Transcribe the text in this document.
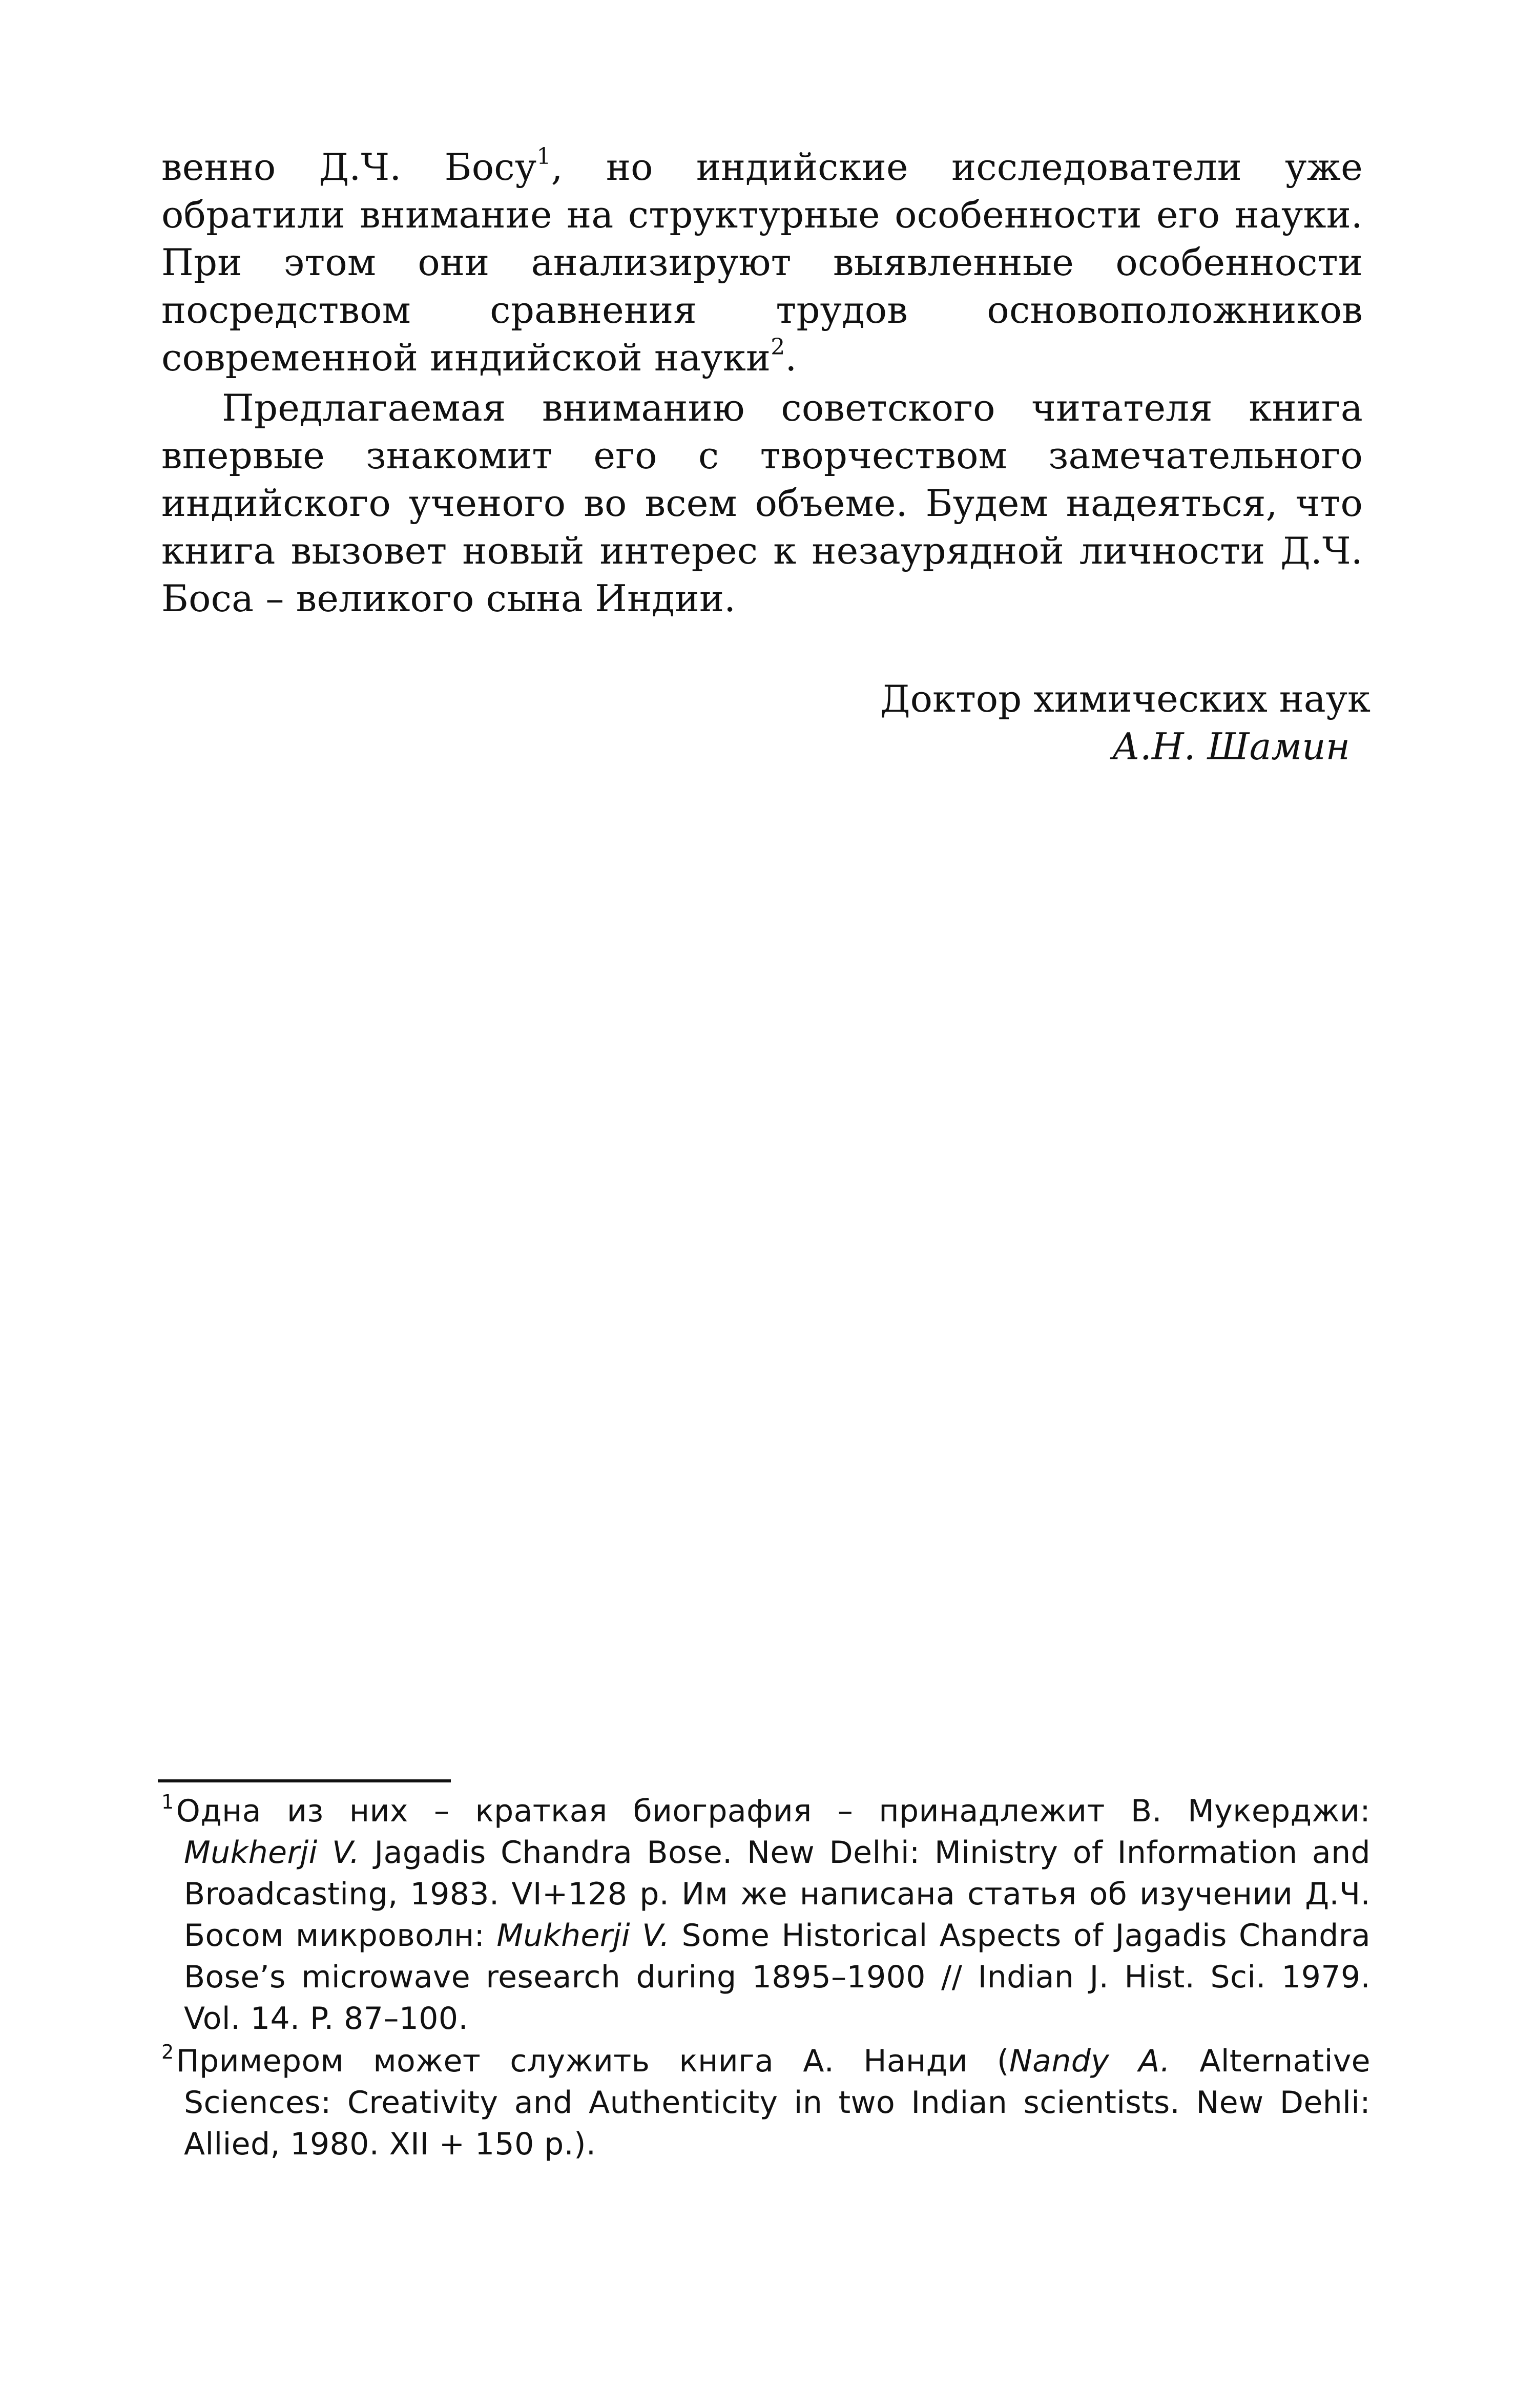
венно Д.Ч. Босу$^1$, но индийские исследователи уже обратили внимание на структурные особенности его науки. При этом они анализируют выявленные особенности посредством сравнения трудов основоположников современной индийской науки$^2$.

Предлагаемая вниманию советского читателя книга впервые знакомит его с творчеством замечательного индийского ученого во всем объеме. Будем надеяться, что книга вызовет новый интерес к незаурядной личности Д.Ч. Боса – великого сына Индии.

Доктор химических наук
А.Н. Шамин

$^1$Одна из них – краткая биография – принадлежит В. Мукерджи: Mukherji V. Jagadis Chandra Bose. New Delhi: Ministry of Information and Broadcasting, 1983. VI+128 p. Им же написана статья об изучении Д.Ч. Босом микроволн: Mukherji V. Some Historical Aspects of Jagadis Chandra Bose’s microwave research during 1895–1900 // Indian J. Hist. Sci. 1979. Vol. 14. P. 87–100.

$^2$Примером может служить книга А. Нанди (Nandy A. Alternative Sciences: Creativity and Authenticity in two Indian scientists. New Dehli: Allied, 1980. XII + 150 p.).
